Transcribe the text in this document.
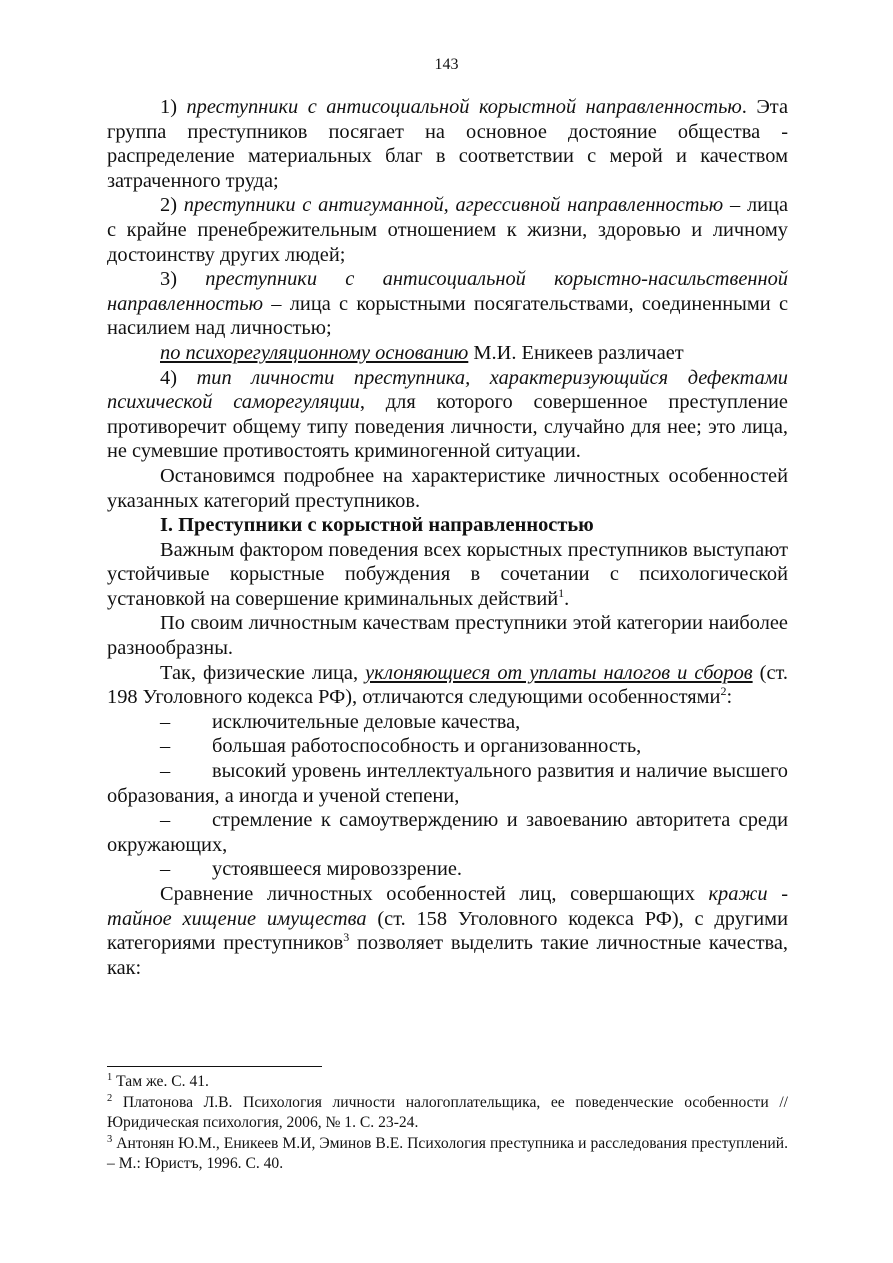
143

1) преступники с антисоциальной корыстной направленностью. Эта группа преступников посягает на основное достояние общества - распределение материальных благ в соответствии с мерой и качеством затраченного труда;

2) преступники с антигуманной, агрессивной направленностью – лица с крайне пренебрежительным отношением к жизни, здоровью и личному достоинству других людей;

3) преступники с антисоциальной корыстно-насильственной направленностью – лица с корыстными посягательствами, соединенными с насилием над личностью;

по психорегуляционному основанию М.И. Еникеев различает

4) тип личности преступника, характеризующийся дефектами психической саморегуляции, для которого совершенное преступление противоречит общему типу поведения личности, случайно для нее; это лица, не сумевшие противостоять криминогенной ситуации.

Остановимся подробнее на характеристике личностных особенностей указанных категорий преступников.

I. Преступники с корыстной направленностью

Важным фактором поведения всех корыстных преступников выступают устойчивые корыстные побуждения в сочетании с психологической установкой на совершение криминальных действий$^1$.

По своим личностным качествам преступники этой категории наиболее разнообразны.

Так, физические лица, уклоняющиеся от уплаты налогов и сборов (ст. 198 Уголовного кодекса РФ), отличаются следующими особенностями$^2$:

– исключительные деловые качества,

– большая работоспособность и организованность,

– высокий уровень интеллектуального развития и наличие высшего образования, а иногда и ученой степени,

– стремление к самоутверждению и завоеванию авторитета среди окружающих,

– устоявшееся мировоззрение.

Сравнение личностных особенностей лиц, совершающих кражи - тайное хищение имущества (ст. 158 Уголовного кодекса РФ), с другими категориями преступников$^3$ позволяет выделить такие личностные качества, как:

$^1$ Там же. С. 41.

$^2$ Платонова Л.В. Психология личности налогоплательщика, ее поведенческие особенности // Юридическая психология, 2006, № 1. С. 23-24.

$^3$ Антонян Ю.М., Еникеев М.И, Эминов В.Е. Психология преступника и расследования преступлений. – М.: Юристъ, 1996. С. 40.
